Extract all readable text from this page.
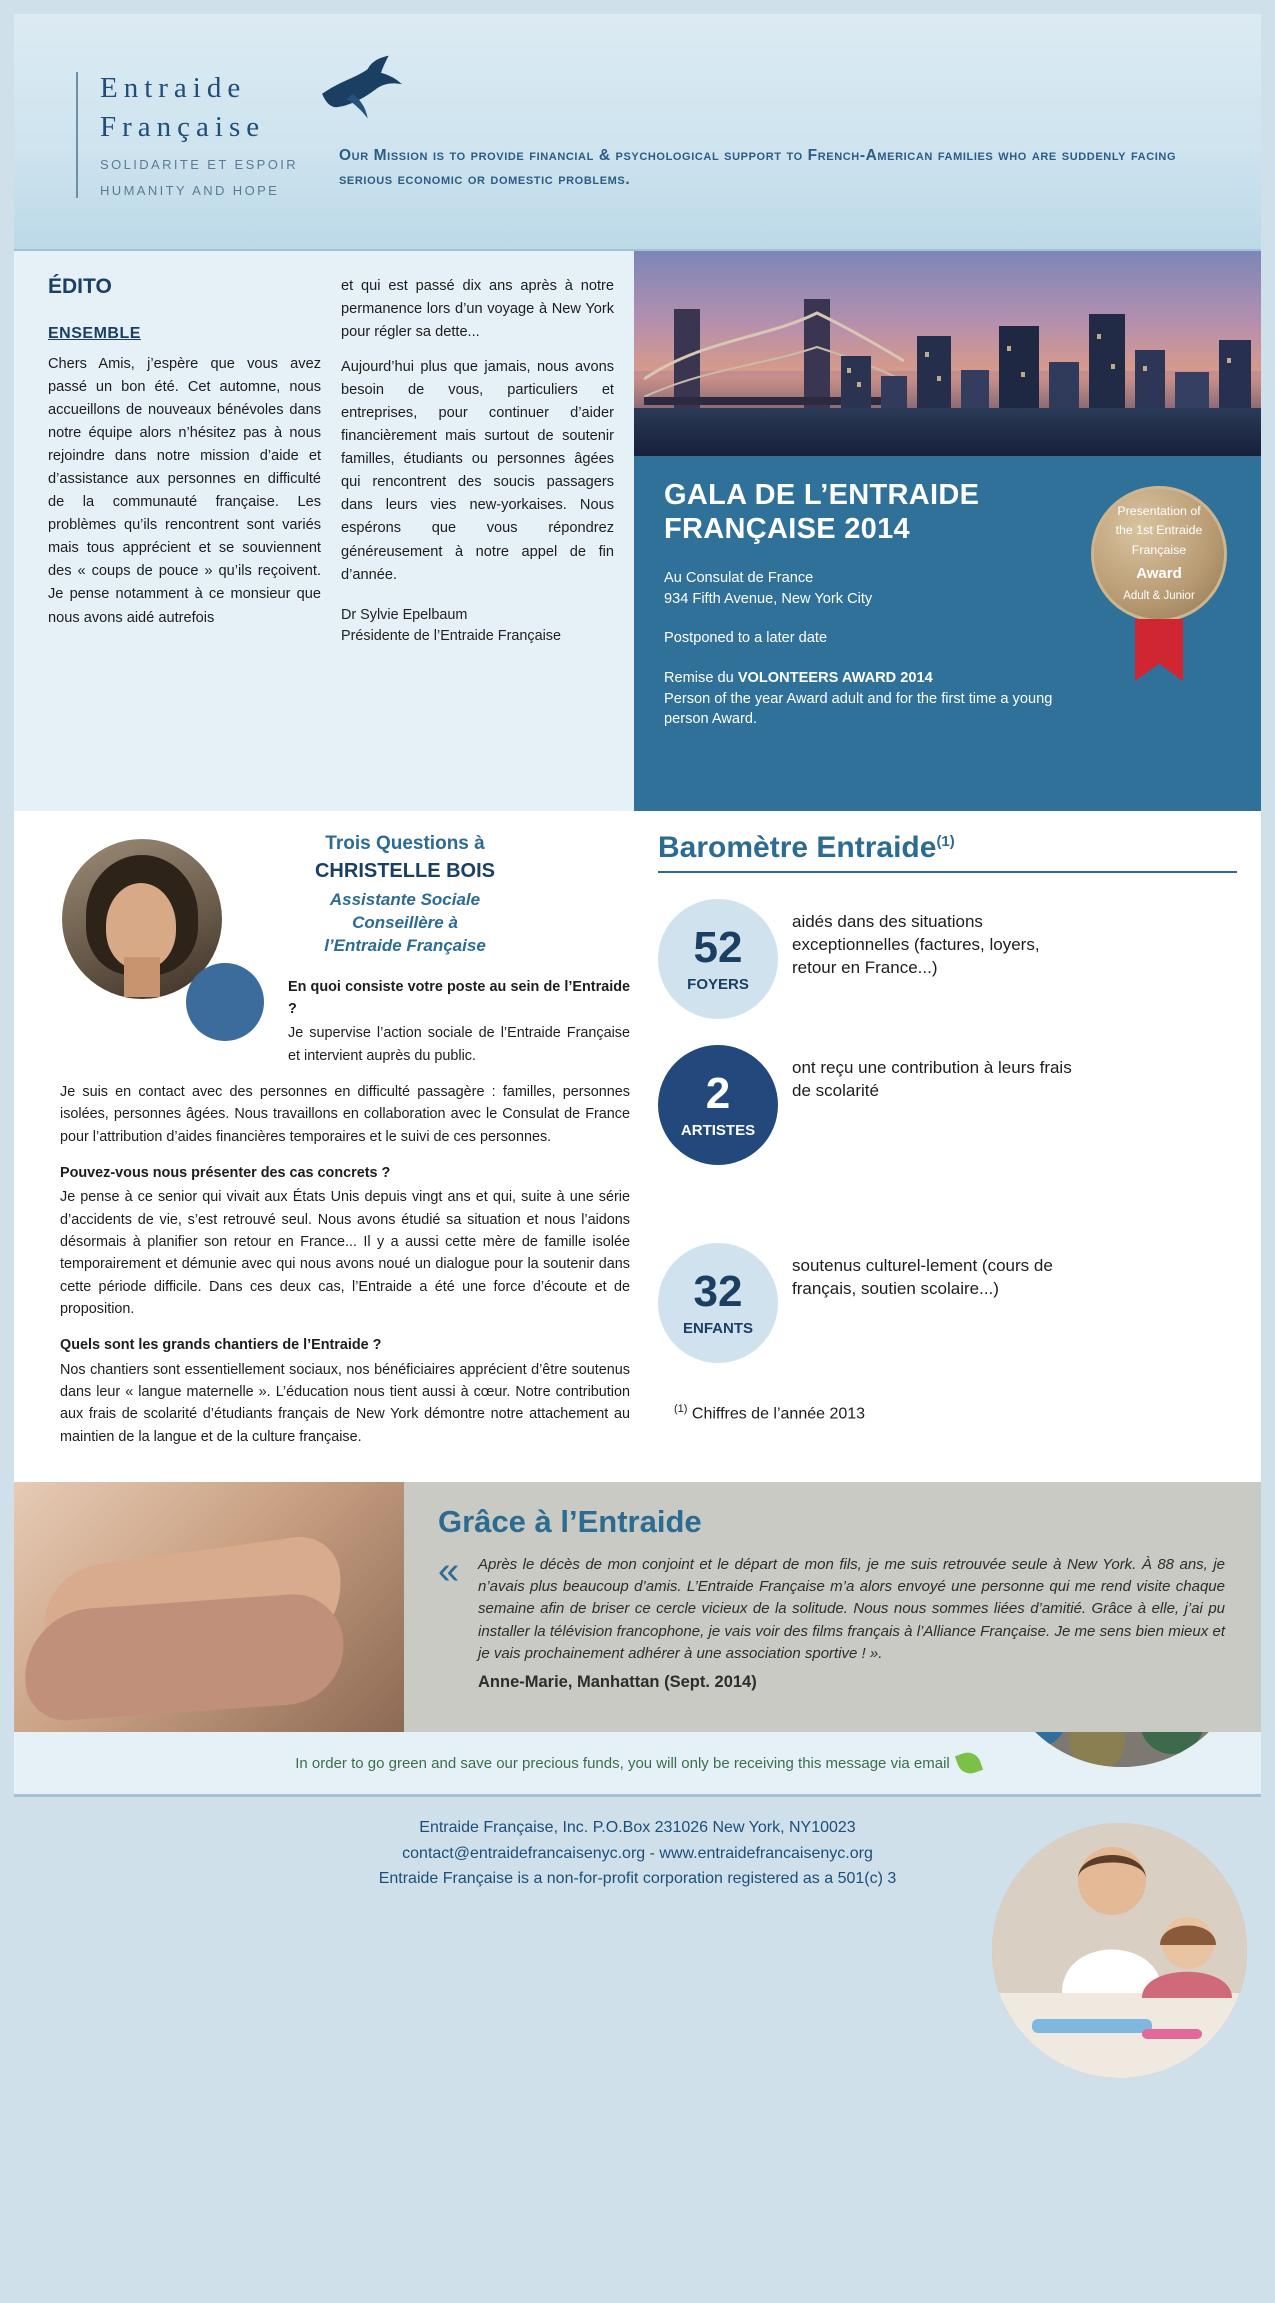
Entraide
Française
SOLIDARITE ET ESPOIR
HUMANITY AND HOPE
Our Mission is to provide financial & psychological support to French-American families who are suddenly facing serious economic or domestic problems.
ÉDITO
ENSEMBLE

Chers Amis, j’espère que vous avez passé un bon été. Cet automne, nous accueillons de nouveaux bénévoles dans notre équipe alors n’hésitez pas à nous rejoindre dans notre mission d’aide et d’assistance aux personnes en difficulté de la communauté française. Les problèmes qu’ils rencontrent sont variés mais tous apprécient et se souviennent des « coups de pouce » qu’ils reçoivent. Je pense notamment à ce monsieur que nous avons aidé autrefois

et qui est passé dix ans après à notre permanence lors d’un voyage à New York pour régler sa dette...

Aujourd’hui plus que jamais, nous avons besoin de vous, particuliers et entreprises, pour continuer d’aider financièrement mais surtout de soutenir familles, étudiants ou personnes âgées qui rencontrent des soucis passagers dans leurs vies new-yorkaises. Nous espérons que vous répondrez généreusement à notre appel de fin d’année.

Dr Sylvie Epelbaum
Présidente de l’Entraide Française
GALA DE L’ENTRAIDE FRANÇAISE 2014
Au Consulat de France
934 Fifth Avenue, New York City
Postponed to a later date
Remise du VOLONTEERS AWARD 2014
Person of the year Award adult and for the first time a young person Award.
Presentation of
the 1st Entraide
Française
Award
Adult & Junior
Trois Questions à
CHRISTELLE BOIS
Assistante Sociale
Conseillère à
l’Entraide Française

En quoi consiste votre poste au sein de l’Entraide ?
Je supervise l’action sociale de l’Entraide Française et intervient auprès du public.

Je suis en contact avec des personnes en difficulté passagère : familles, personnes isolées, personnes âgées. Nous travaillons en collaboration avec le Consulat de France pour l’attribution d’aides financières temporaires et le suivi de ces personnes.

Pouvez-vous nous présenter des cas concrets ?
Je pense à ce senior qui vivait aux États Unis depuis vingt ans et qui, suite à une série d’accidents de vie, s’est retrouvé seul. Nous avons étudié sa situation et nous l’aidons désormais à planifier son retour en France... Il y a aussi cette mère de famille isolée temporairement et démunie avec qui nous avons noué un dialogue pour la soutenir dans cette période difficile. Dans ces deux cas, l’Entraide a été une force d’écoute et de proposition.

Quels sont les grands chantiers de l’Entraide ?
Nos chantiers sont essentiellement sociaux, nos bénéficiaires apprécient d’être soutenus dans leur « langue maternelle ». L’éducation nous tient aussi à cœur. Notre contribution aux frais de scolarité d’étudiants français de New York démontre notre attachement au maintien de la langue et de la culture française.

Baromètre Entraide$^{(1)}$
52
FOYERS
aidés dans des situations exceptionnelles (factures, loyers, retour en France...)
2
ARTISTES
ont reçu une contribution à leurs frais de scolarité
32
ENFANTS
soutenus culturel-lement (cours de français, soutien scolaire...)
$^{(1)}$ Chiffres de l’année 2013
Grâce à l’Entraide
« Après le décès de mon conjoint et le départ de mon fils, je me suis retrouvée seule à New York. À 88 ans, je n’avais plus beaucoup d’amis. L’Entraide Française m’a alors envoyé une personne qui me rend visite chaque semaine afin de briser ce cercle vicieux de la solitude. Nous nous sommes liées d’amitié. Grâce à elle, j’ai pu installer la télévision francophone, je vais voir des films français à l’Alliance Française. Je me sens bien mieux et je vais prochainement adhérer à une association sportive ! ».
Anne-Marie, Manhattan (Sept. 2014)
In order to go green and save our precious funds, you will only be receiving this message via email
Entraide Française, Inc. P.O.Box 231026 New York, NY10023
contact@entraidefrancaisenyc.org - www.entraidefrancaisenyc.org
Entraide Française is a non-for-profit corporation registered as a 501(c) 3
